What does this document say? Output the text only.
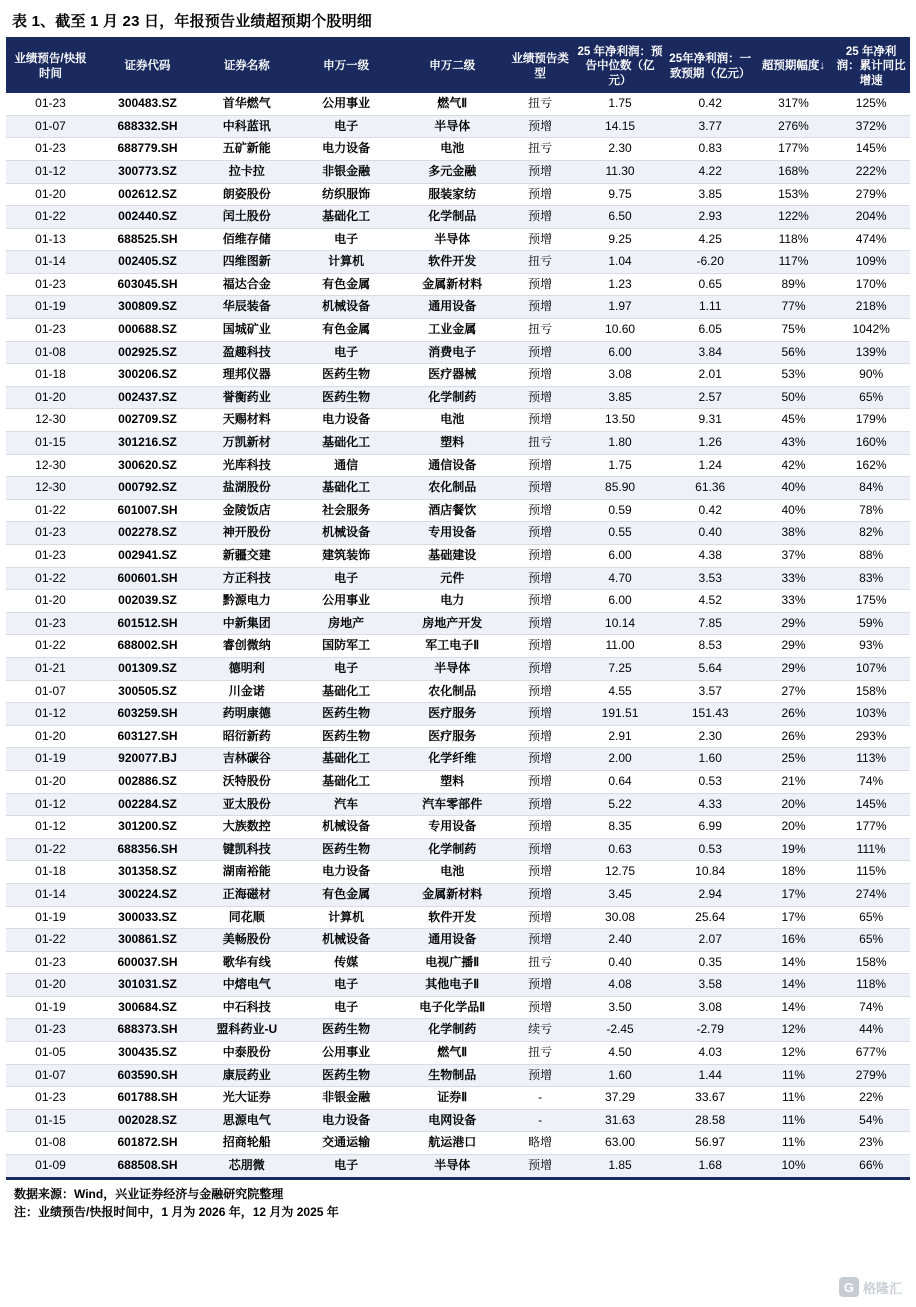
表 1、截至 1 月 23 日，年报预告业绩超预期个股明细
业绩预告/快报时间	证券代码	证券名称	申万一级	申万二级	业绩预告类型	25 年净利润：预告中位数（亿元）	25年净利润：一致预期（亿元）	超预期幅度↓	25 年净利润：累计同比增速
01-23	300483.SZ	首华燃气	公用事业	燃气Ⅱ	扭亏	1.75	0.42	317%	125%
01-07	688332.SH	中科蓝讯	电子	半导体	预增	14.15	3.77	276%	372%
01-23	688779.SH	五矿新能	电力设备	电池	扭亏	2.30	0.83	177%	145%
01-12	300773.SZ	拉卡拉	非银金融	多元金融	预增	11.30	4.22	168%	222%
01-20	002612.SZ	朗姿股份	纺织服饰	服装家纺	预增	9.75	3.85	153%	279%
01-22	002440.SZ	闰土股份	基础化工	化学制品	预增	6.50	2.93	122%	204%
01-13	688525.SH	佰维存储	电子	半导体	预增	9.25	4.25	118%	474%
01-14	002405.SZ	四维图新	计算机	软件开发	扭亏	1.04	-6.20	117%	109%
01-23	603045.SH	福达合金	有色金属	金属新材料	预增	1.23	0.65	89%	170%
01-19	300809.SZ	华辰装备	机械设备	通用设备	预增	1.97	1.11	77%	218%
01-23	000688.SZ	国城矿业	有色金属	工业金属	扭亏	10.60	6.05	75%	1042%
01-08	002925.SZ	盈趣科技	电子	消费电子	预增	6.00	3.84	56%	139%
01-18	300206.SZ	理邦仪器	医药生物	医疗器械	预增	3.08	2.01	53%	90%
01-20	002437.SZ	誉衡药业	医药生物	化学制药	预增	3.85	2.57	50%	65%
12-30	002709.SZ	天赐材料	电力设备	电池	预增	13.50	9.31	45%	179%
01-15	301216.SZ	万凯新材	基础化工	塑料	扭亏	1.80	1.26	43%	160%
12-30	300620.SZ	光库科技	通信	通信设备	预增	1.75	1.24	42%	162%
12-30	000792.SZ	盐湖股份	基础化工	农化制品	预增	85.90	61.36	40%	84%
01-22	601007.SH	金陵饭店	社会服务	酒店餐饮	预增	0.59	0.42	40%	78%
01-23	002278.SZ	神开股份	机械设备	专用设备	预增	0.55	0.40	38%	82%
01-23	002941.SZ	新疆交建	建筑装饰	基础建设	预增	6.00	4.38	37%	88%
01-22	600601.SH	方正科技	电子	元件	预增	4.70	3.53	33%	83%
01-20	002039.SZ	黔源电力	公用事业	电力	预增	6.00	4.52	33%	175%
01-23	601512.SH	中新集团	房地产	房地产开发	预增	10.14	7.85	29%	59%
01-22	688002.SH	睿创微纳	国防军工	军工电子Ⅱ	预增	11.00	8.53	29%	93%
01-21	001309.SZ	德明利	电子	半导体	预增	7.25	5.64	29%	107%
01-07	300505.SZ	川金诺	基础化工	农化制品	预增	4.55	3.57	27%	158%
01-12	603259.SH	药明康德	医药生物	医疗服务	预增	191.51	151.43	26%	103%
01-20	603127.SH	昭衍新药	医药生物	医疗服务	预增	2.91	2.30	26%	293%
01-19	920077.BJ	吉林碳谷	基础化工	化学纤维	预增	2.00	1.60	25%	113%
01-20	002886.SZ	沃特股份	基础化工	塑料	预增	0.64	0.53	21%	74%
01-12	002284.SZ	亚太股份	汽车	汽车零部件	预增	5.22	4.33	20%	145%
01-12	301200.SZ	大族数控	机械设备	专用设备	预增	8.35	6.99	20%	177%
01-22	688356.SH	键凯科技	医药生物	化学制药	预增	0.63	0.53	19%	111%
01-18	301358.SZ	湖南裕能	电力设备	电池	预增	12.75	10.84	18%	115%
01-14	300224.SZ	正海磁材	有色金属	金属新材料	预增	3.45	2.94	17%	274%
01-19	300033.SZ	同花顺	计算机	软件开发	预增	30.08	25.64	17%	65%
01-22	300861.SZ	美畅股份	机械设备	通用设备	预增	2.40	2.07	16%	65%
01-23	600037.SH	歌华有线	传媒	电视广播Ⅱ	扭亏	0.40	0.35	14%	158%
01-20	301031.SZ	中熔电气	电子	其他电子Ⅱ	预增	4.08	3.58	14%	118%
01-19	300684.SZ	中石科技	电子	电子化学品Ⅱ	预增	3.50	3.08	14%	74%
01-23	688373.SH	盟科药业-U	医药生物	化学制药	续亏	-2.45	-2.79	12%	44%
01-05	300435.SZ	中泰股份	公用事业	燃气Ⅱ	扭亏	4.50	4.03	12%	677%
01-07	603590.SH	康辰药业	医药生物	生物制品	预增	1.60	1.44	11%	279%
01-23	601788.SH	光大证券	非银金融	证券Ⅱ	-	37.29	33.67	11%	22%
01-15	002028.SZ	思源电气	电力设备	电网设备	-	31.63	28.58	11%	54%
01-08	601872.SH	招商轮船	交通运输	航运港口	略增	63.00	56.97	11%	23%
01-09	688508.SH	芯朋微	电子	半导体	预增	1.85	1.68	10%	66%
数据来源：Wind，兴业证券经济与金融研究院整理
注：业绩预告/快报时间中，1 月为 2026 年，12 月为 2025 年
G 格隆汇
